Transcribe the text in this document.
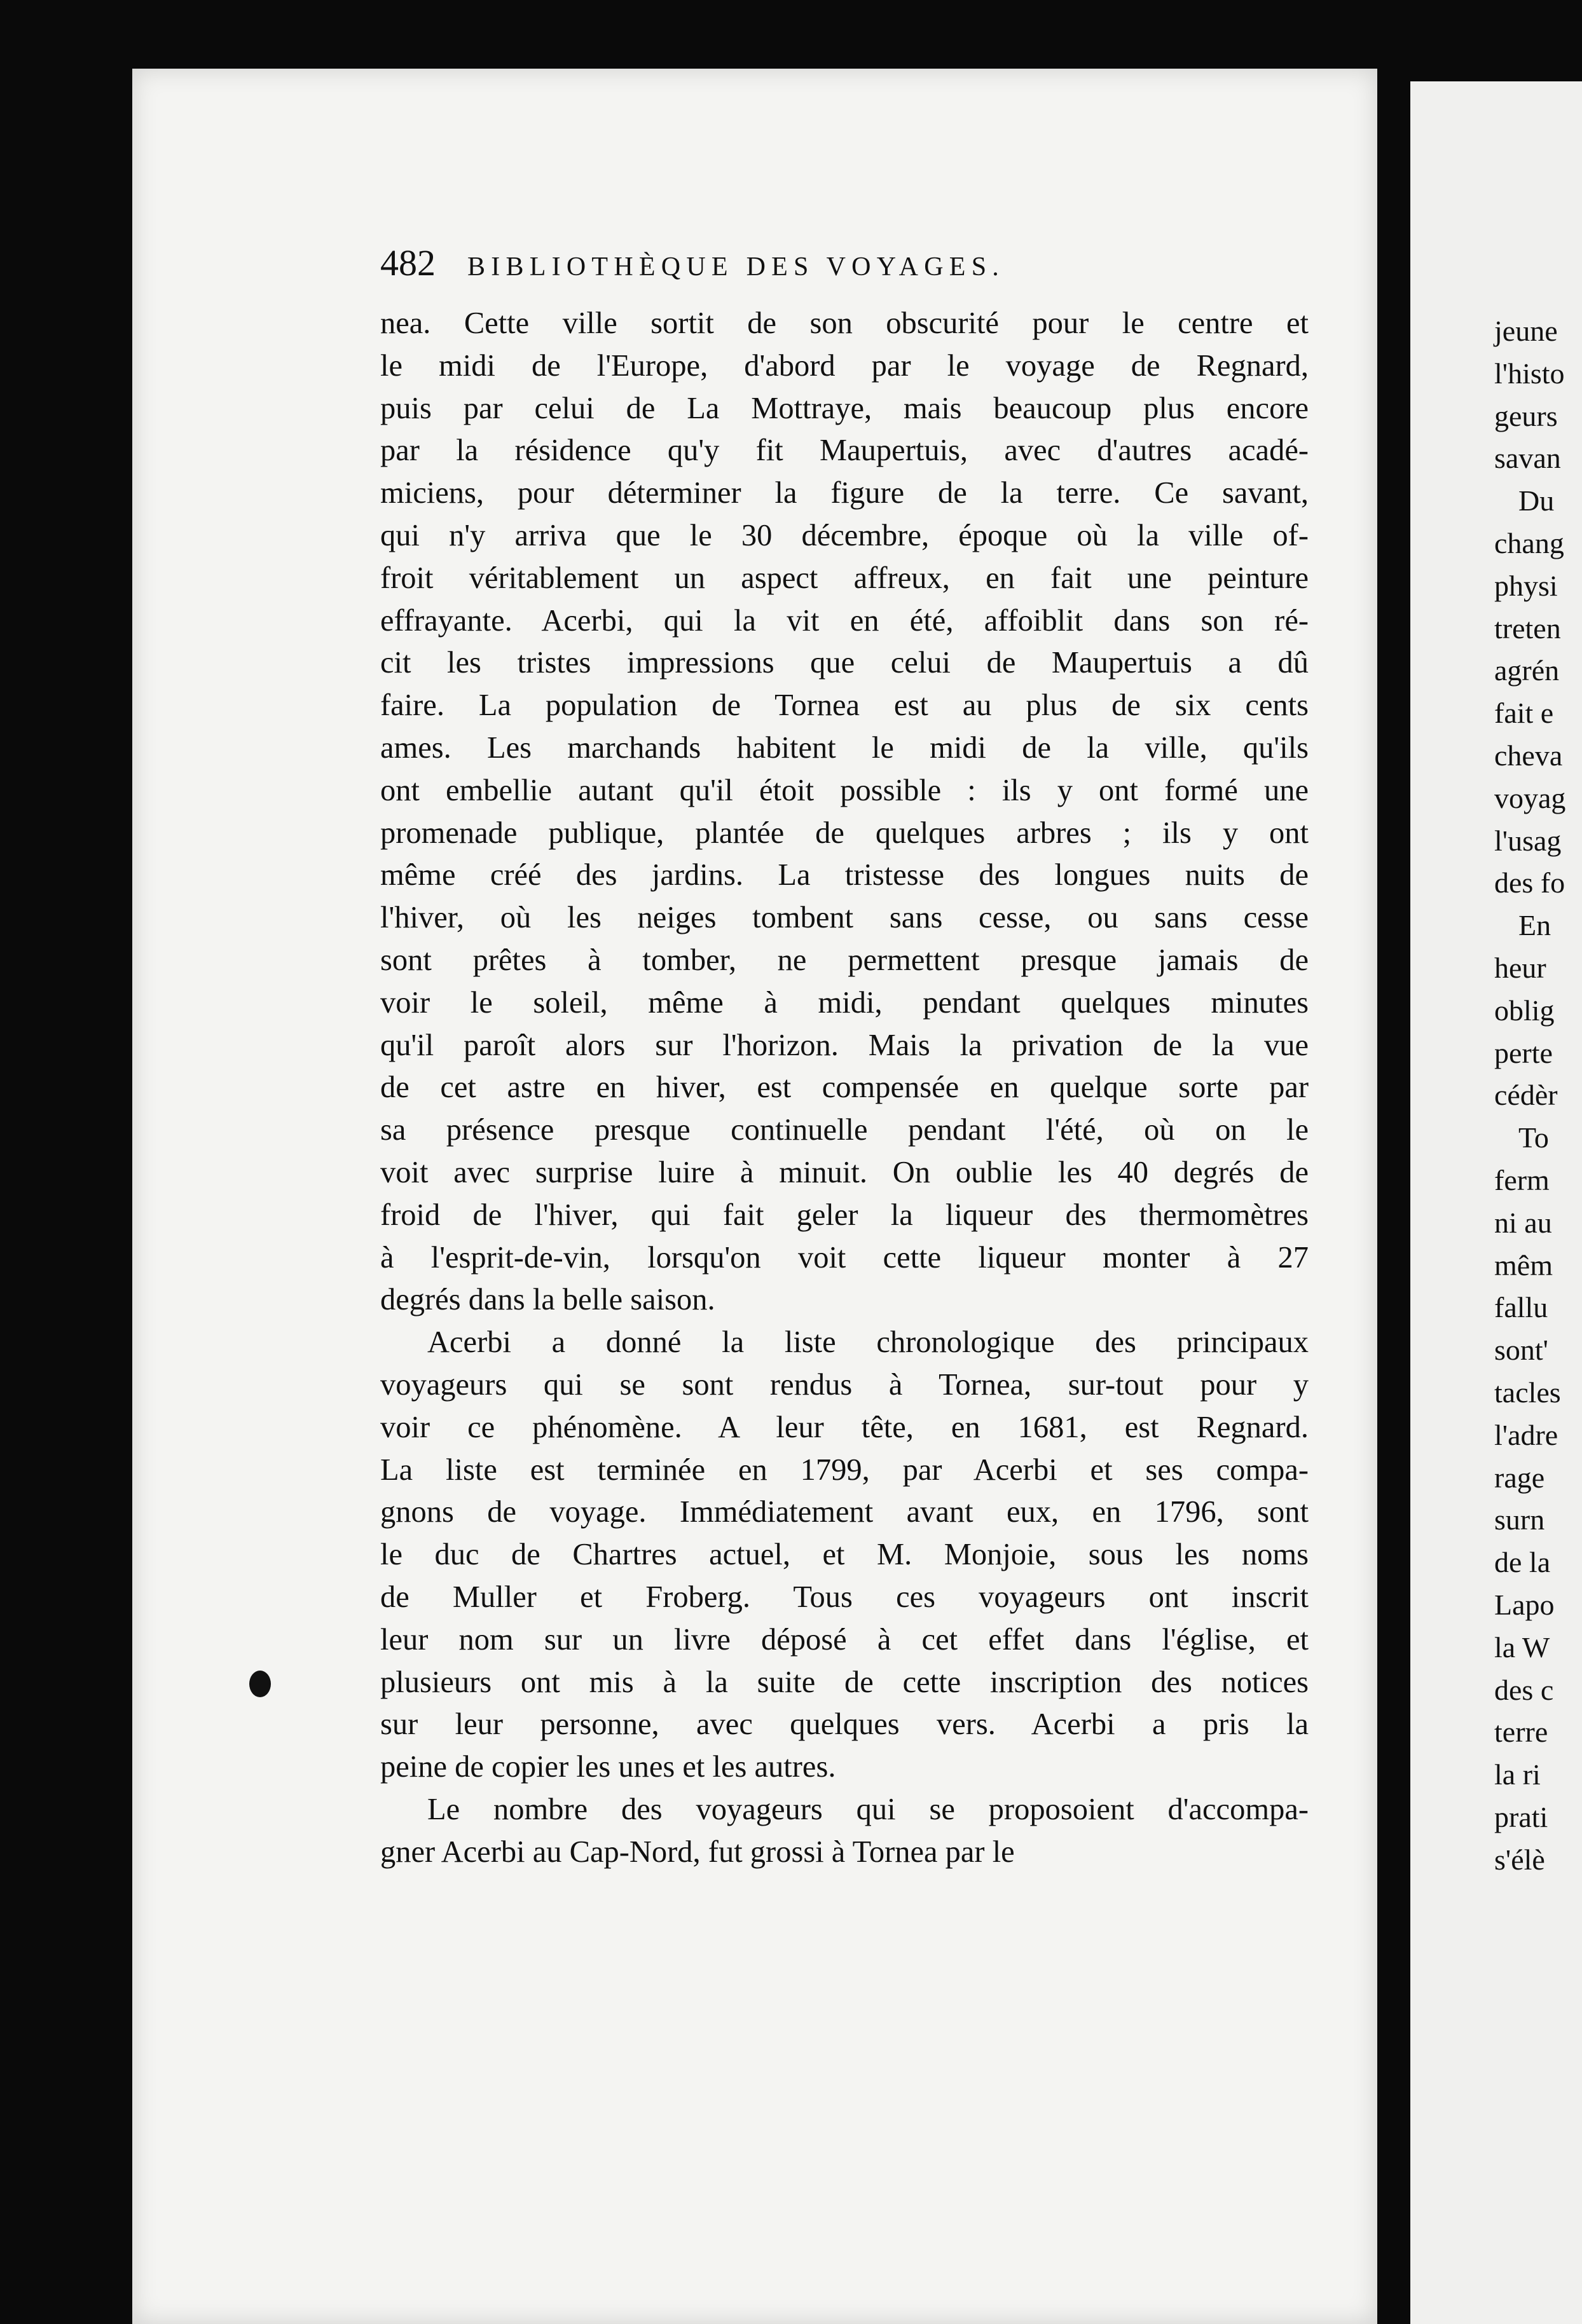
jeune
l'histo
geurs
savan
Du
chang
physi
treten
agrén
fait e
cheva
voyag
l'usag
des fo
En
heur
oblig
perte
cédèr
To
ferm
ni au
mêm
fallu
sont'
tacles
l'adre
rage
surn
de la
Lapo
la W
des c
terre
la ri
prati
s'élè
482 BIBLIOTHÈQUE DES VOYAGES.
nea. Cette ville sortit de son obscurité pour le centre et
le midi de l'Europe, d'abord par le voyage de Regnard,
puis par celui de La Mottraye, mais beaucoup plus encore
par la résidence qu'y fit Maupertuis, avec d'autres acadé-
miciens, pour déterminer la figure de la terre. Ce savant,
qui n'y arriva que le 30 décembre, époque où la ville of-
froit véritablement un aspect affreux, en fait une peinture
effrayante. Acerbi, qui la vit en été, affoiblit dans son ré-
cit les tristes impressions que celui de Maupertuis a dû
faire. La population de Tornea est au plus de six cents
ames. Les marchands habitent le midi de la ville, qu'ils
ont embellie autant qu'il étoit possible : ils y ont formé une
promenade publique, plantée de quelques arbres ; ils y ont
même créé des jardins. La tristesse des longues nuits de
l'hiver, où les neiges tombent sans cesse, ou sans cesse
sont prêtes à tomber, ne permettent presque jamais de
voir le soleil, même à midi, pendant quelques minutes
qu'il paroît alors sur l'horizon. Mais la privation de la vue
de cet astre en hiver, est compensée en quelque sorte par
sa présence presque continuelle pendant l'été, où on le
voit avec surprise luire à minuit. On oublie les 40 degrés de
froid de l'hiver, qui fait geler la liqueur des thermomètres
à l'esprit-de-vin, lorsqu'on voit cette liqueur monter à 27
degrés dans la belle saison.
Acerbi a donné la liste chronologique des principaux
voyageurs qui se sont rendus à Tornea, sur-tout pour y
voir ce phénomène. A leur tête, en 1681, est Regnard.
La liste est terminée en 1799, par Acerbi et ses compa-
gnons de voyage. Immédiatement avant eux, en 1796, sont
le duc de Chartres actuel, et M. Monjoie, sous les noms
de Muller et Froberg. Tous ces voyageurs ont inscrit
leur nom sur un livre déposé à cet effet dans l'église, et
plusieurs ont mis à la suite de cette inscription des notices
sur leur personne, avec quelques vers. Acerbi a pris la
peine de copier les unes et les autres.
Le nombre des voyageurs qui se proposoient d'accompa-
gner Acerbi au Cap-Nord, fut grossi à Tornea par le
